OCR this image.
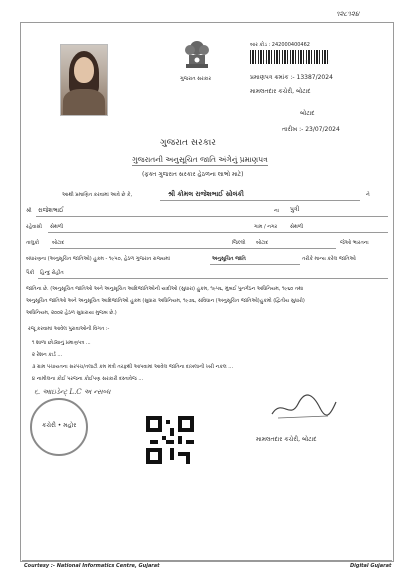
૧૨૮૧૨૪
ગુજરાત સરકાર
બાર કોડ : 242000400462
પ્રમાણપત્ર ક્રમાંક :- 13387/2024
મામલતદાર કચેરી, બોટાદ
બોટાદ
તારીખ :- 23/07/2024
ગુજરાત સરકાર
ગુજરાતની અનુસૂચિત જાતિ અંગેનું પ્રમાણપત્ર
(ફક્ત ગુજરાત સરકાર હેઠળના લાભો માટે)
આથી પ્રમાણિત કરવામાં આવે છે કે,	શ્રી કોમલ રાજેશભાઈ સોલંકી	ને
શ્રી રાજેશભાઈ	ના પુત્રી
રહેવાસી સેથળી	ગામ / નગર	સેથળી
તાલુકો	બોટાદ	જિલ્લો બોટાદ	જેઓ ભારતના
બંધારણના (અનુસૂચિત જાતિઓ) હુકમ - ૧૯૫૦, હેઠળ ગુજરાત રાજ્યમાં	અનુસૂચિત જાતિ	તરીકે માન્ય કરેલ જાતિઓ
પૈકી હિન્દુ રોહીત
જાતિના છે. (અનુસૂચિત જાતિઓ અને અનુસૂચિત આદિજાતિઓની યાદીઓ (સુધારા) હુકમ, ૧૯૫૬, મુંબઈ પુનર્ગઠન અધિનિયમ, ૧૯૬૦ તથા
અનુસૂચિત જાતિઓ અને અનુસૂચિત આદિજાતિઓ હુકમ (સુધારા અધિનિયમ, ૧૯૭૬, સંવિધાન (અનુસૂચિત જાતિઓ)હુકમો (દ્વિતીય સુધારો)
અધિનિયમ, ૨૦૦૨ હેઠળ સુધારાયા મુજબ છે.)
રજૂ કરવામાં આવેલ પુરાવાઓની વિગત :-
૧ શાળા છોડ્યાનું પ્રમાણપત્ર ...
૨ રેશન કાર્ડ ...
૩ ગ્રામ પંચાયતના સરપંચ/તલાટી કમ મંત્રી તરફથી આપવામાં આવેલ જાતિના દાખલાની ખરી નકલ ...
૪ નામીલના કોઈ પરજના કોઈપણ સરકારી દસ્તાવેજ ...
૬. આઇડેન્ટ્ L.C અ ન્સબ્ધ
કચેરી • મહોર
મામલતદાર કચેરી, બોટાદ
Courtesy :- National Informatics Centre, Gujarat	Digital Gujarat
